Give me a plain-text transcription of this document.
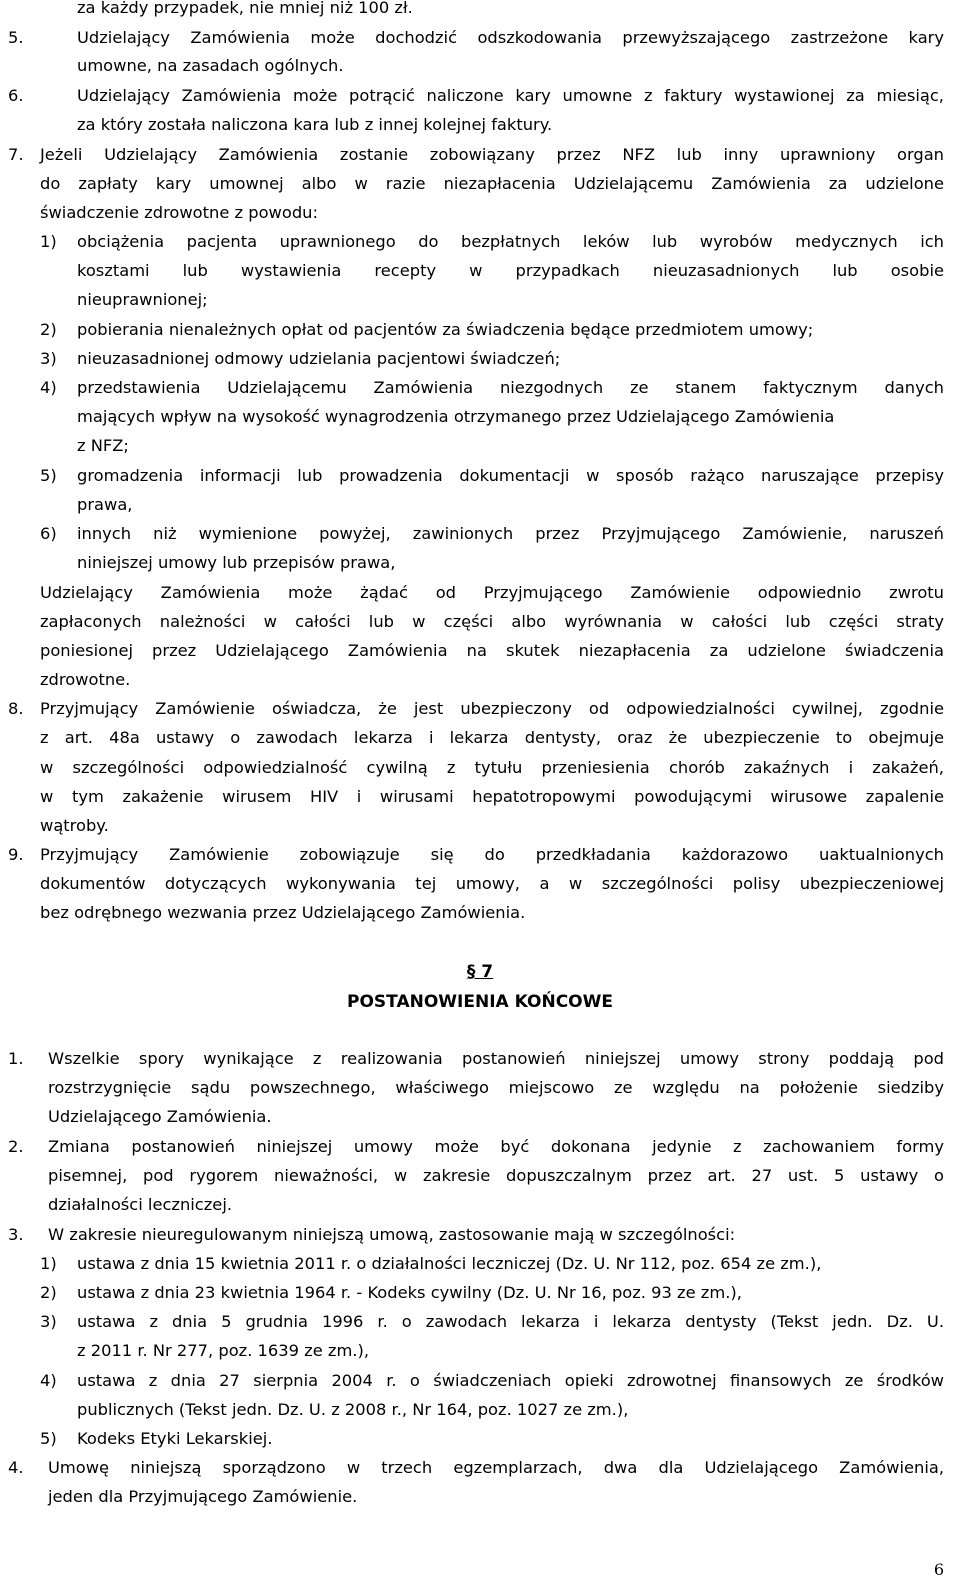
za każdy przypadek, nie mniej niż 100 zł.
5.	Udzielający Zamówienia może dochodzić odszkodowania przewyższającego zastrzeżone kary
umowne, na zasadach ogólnych.
6.	Udzielający Zamówienia może potrącić naliczone kary umowne z faktury wystawionej za miesiąc,
za który została naliczona kara lub z innej kolejnej faktury.
7. Jeżeli Udzielający Zamówienia zostanie zobowiązany przez NFZ lub inny uprawniony organ
do zapłaty kary umownej albo w razie niezapłacenia Udzielającemu Zamówienia za udzielone
świadczenie zdrowotne z powodu:
1) obciążenia pacjenta uprawnionego do bezpłatnych leków lub wyrobów medycznych ich
kosztami lub wystawienia recepty w przypadkach nieuzasadnionych lub osobie
nieuprawnionej;
2) pobierania nienależnych opłat od pacjentów za świadczenia będące przedmiotem umowy;
3) nieuzasadnionej odmowy udzielania pacjentowi świadczeń;
4) przedstawienia Udzielającemu Zamówienia niezgodnych ze stanem faktycznym danych
mających wpływ na wysokość wynagrodzenia otrzymanego przez Udzielającego Zamówienia
z NFZ;
5) gromadzenia informacji lub prowadzenia dokumentacji w sposób rażąco naruszające przepisy
prawa,
6) innych niż wymienione powyżej, zawinionych przez Przyjmującego Zamówienie, naruszeń
niniejszej umowy lub przepisów prawa,
Udzielający Zamówienia może żądać od Przyjmującego Zamówienie odpowiednio zwrotu
zapłaconych należności w całości lub w części albo wyrównania w całości lub części straty
poniesionej przez Udzielającego Zamówienia na skutek niezapłacenia za udzielone świadczenia
zdrowotne.
8. Przyjmujący Zamówienie oświadcza, że jest ubezpieczony od odpowiedzialności cywilnej, zgodnie
z art. 48a ustawy o zawodach lekarza i lekarza dentysty, oraz że ubezpieczenie to obejmuje
w szczególności odpowiedzialność cywilną z tytułu przeniesienia chorób zakaźnych i zakażeń,
w tym zakażenie wirusem HIV i wirusami hepatotropowymi powodującymi wirusowe zapalenie
wątroby.
9. Przyjmujący Zamówienie zobowiązuje się do przedkładania każdorazowo uaktualnionych
dokumentów dotyczących wykonywania tej umowy, a w szczególności polisy ubezpieczeniowej
bez odrębnego wezwania przez Udzielającego Zamówienia.
§ 7
POSTANOWIENIA KOŃCOWE
1. Wszelkie spory wynikające z realizowania postanowień niniejszej umowy strony poddają pod
rozstrzygnięcie sądu powszechnego, właściwego miejscowo ze względu na położenie siedziby
Udzielającego Zamówienia.
2. Zmiana postanowień niniejszej umowy może być dokonana jedynie z zachowaniem formy
pisemnej, pod rygorem nieważności, w zakresie dopuszczalnym przez art. 27 ust. 5 ustawy o
działalności leczniczej.
3. W zakresie nieuregulowanym niniejszą umową, zastosowanie mają w szczególności:
1) ustawa z dnia 15 kwietnia 2011 r. o działalności leczniczej (Dz. U. Nr 112, poz. 654 ze zm.),
2) ustawa z dnia 23 kwietnia 1964 r. - Kodeks cywilny (Dz. U. Nr 16, poz. 93 ze zm.),
3) ustawa z dnia 5 grudnia 1996 r. o zawodach lekarza i lekarza dentysty (Tekst jedn. Dz. U.
z 2011 r. Nr 277, poz. 1639 ze zm.),
4) ustawa z dnia 27 sierpnia 2004 r. o świadczeniach opieki zdrowotnej finansowych ze środków
publicznych (Tekst jedn. Dz. U. z 2008 r., Nr 164, poz. 1027 ze zm.),
5) Kodeks Etyki Lekarskiej.
4. Umowę niniejszą sporządzono w trzech egzemplarzach, dwa dla Udzielającego Zamówienia,
jeden dla Przyjmującego Zamówienie.
6
